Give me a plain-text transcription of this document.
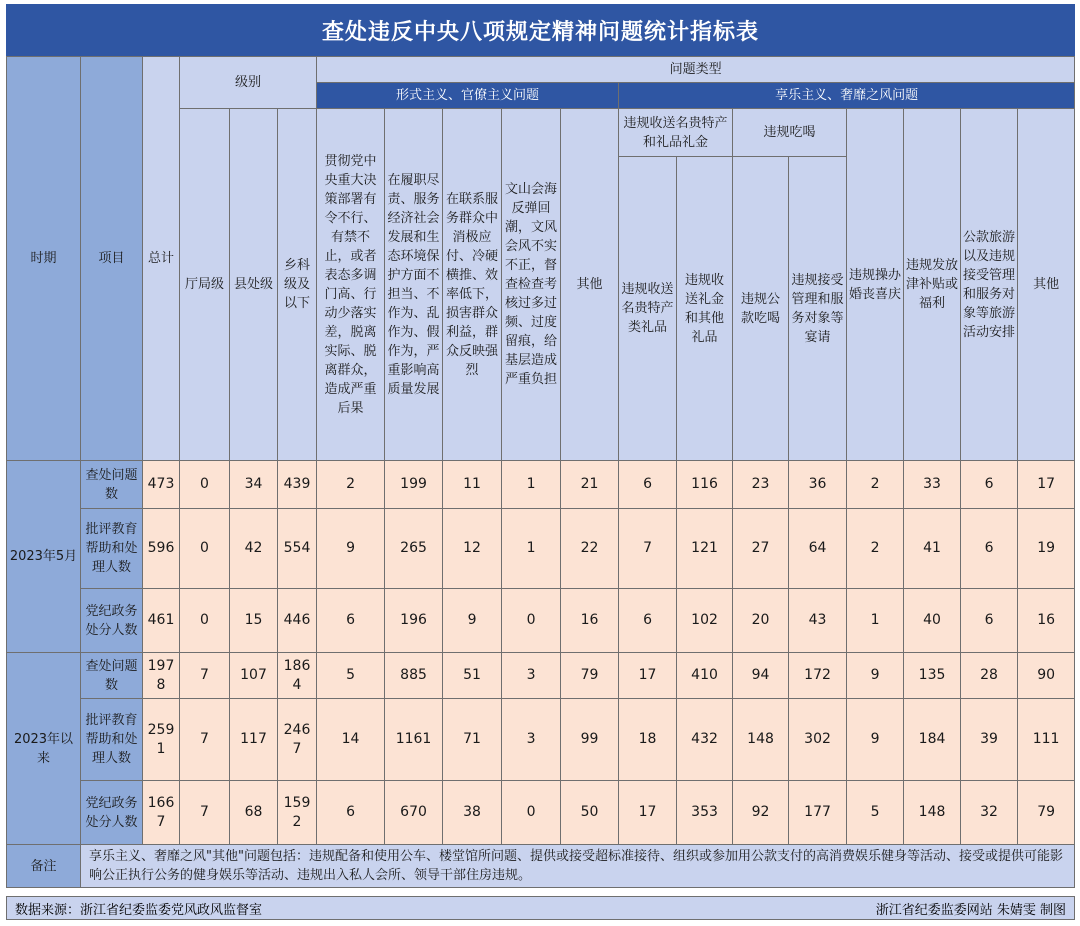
查处违反中央八项规定精神问题统计指标表
时期	项目	总计	级别			问题类型												
						形式主义、官僚主义问题					享乐主义、奢靡之风问题							
			厅局级	县处级	乡科级及以下	贯彻党中央重大决策部署有令不行、有禁不止，或者表态多调门高、行动少落实差，脱离实际、脱离群众，造成严重后果	在履职尽责、服务经济社会发展和生态环境保护方面不担当、不作为、乱作为、假作为，严重影响高质量发展	在联系服务群众中消极应付、冷硬横推、效率低下，损害群众利益，群众反映强烈	文山会海反弹回潮，文风会风不实不正，督查检查考核过多过频、过度留痕，给基层造成严重负担	其他	违规收送名贵特产和礼品礼金		违规吃喝		违规操办婚丧喜庆	违规发放津补贴或福利	公款旅游以及违规接受管理和服务对象等旅游活动安排	其他
											违规收送名贵特产类礼品	违规收送礼金和其他礼品	违规公款吃喝	违规接受管理和服务对象等宴请				
2023年5月	查处问题数	473	0	34	439	2	199	11	1	21	6	116	23	36	2	33	6	17
	批评教育帮助和处理人数	596	0	42	554	9	265	12	1	22	7	121	27	64	2	41	6	19
	党纪政务处分人数	461	0	15	446	6	196	9	0	16	6	102	20	43	1	40	6	16
2023年以来	查处问题数	1978	7	107	1864	5	885	51	3	79	17	410	94	172	9	135	28	90
	批评教育帮助和处理人数	2591	7	117	2467	14	1161	71	3	99	18	432	148	302	9	184	39	111
	党纪政务处分人数	1667	7	68	1592	6	670	38	0	50	17	353	92	177	5	148	32	79
备注	享乐主义、奢靡之风"其他"问题包括：违规配备和使用公车、楼堂馆所问题、提供或接受超标准接待、组织或参加用公款支付的高消费娱乐健身等活动、接受或提供可能影响公正执行公务的健身娱乐等活动、违规出入私人会所、领导干部住房违规。																	
数据来源：浙江省纪委监委党风政风监督室	浙江省纪委监委网站 朱婧雯 制图
